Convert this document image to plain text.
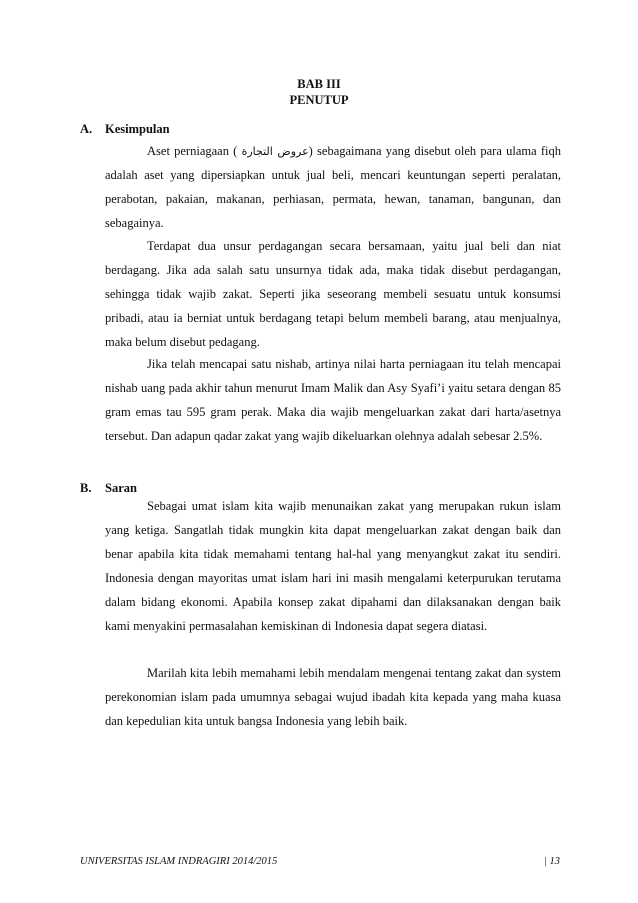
BAB III
PENUTUP
A. Kesimpulan

Aset perniagaan ( عروض التجارة) sebagaimana yang disebut oleh para ulama fiqh adalah aset yang dipersiapkan untuk jual beli, mencari keuntungan seperti peralatan, perabotan, pakaian, makanan, perhiasan, permata, hewan, tanaman, bangunan, dan sebagainya.

Terdapat dua unsur perdagangan secara bersamaan, yaitu jual beli dan niat berdagang. Jika ada salah satu unsurnya tidak ada, maka tidak disebut perdagangan, sehingga tidak wajib zakat. Seperti jika seseorang membeli sesuatu untuk konsumsi pribadi, atau ia berniat untuk berdagang tetapi belum membeli barang, atau menjualnya, maka belum disebut pedagang.

Jika telah mencapai satu nishab, artinya nilai harta perniagaan itu telah mencapai nishab uang pada akhir tahun menurut Imam Malik dan Asy Syafi’i yaitu setara dengan 85 gram emas tau 595 gram perak. Maka dia wajib mengeluarkan zakat dari harta/asetnya tersebut. Dan adapun qadar zakat yang wajib dikeluarkan olehnya adalah sebesar 2.5%.

B. Saran

Sebagai umat islam kita wajib menunaikan zakat yang merupakan rukun islam yang ketiga. Sangatlah tidak mungkin kita dapat mengeluarkan zakat dengan baik dan benar apabila kita tidak memahami tentang hal-hal yang menyangkut zakat itu sendiri. Indonesia dengan mayoritas umat islam hari ini masih mengalami keterpurukan terutama dalam bidang ekonomi. Apabila konsep zakat dipahami dan dilaksanakan dengan baik kami menyakini permasalahan kemiskinan di Indonesia dapat segera diatasi.

Marilah kita lebih memahami lebih mendalam mengenai tentang zakat dan system perekonomian islam pada umumnya sebagai wujud ibadah kita kepada yang maha kuasa dan kepedulian kita untuk bangsa Indonesia yang lebih baik.

UNIVERSITAS ISLAM INDRAGIRI 2014/2015	| 13
